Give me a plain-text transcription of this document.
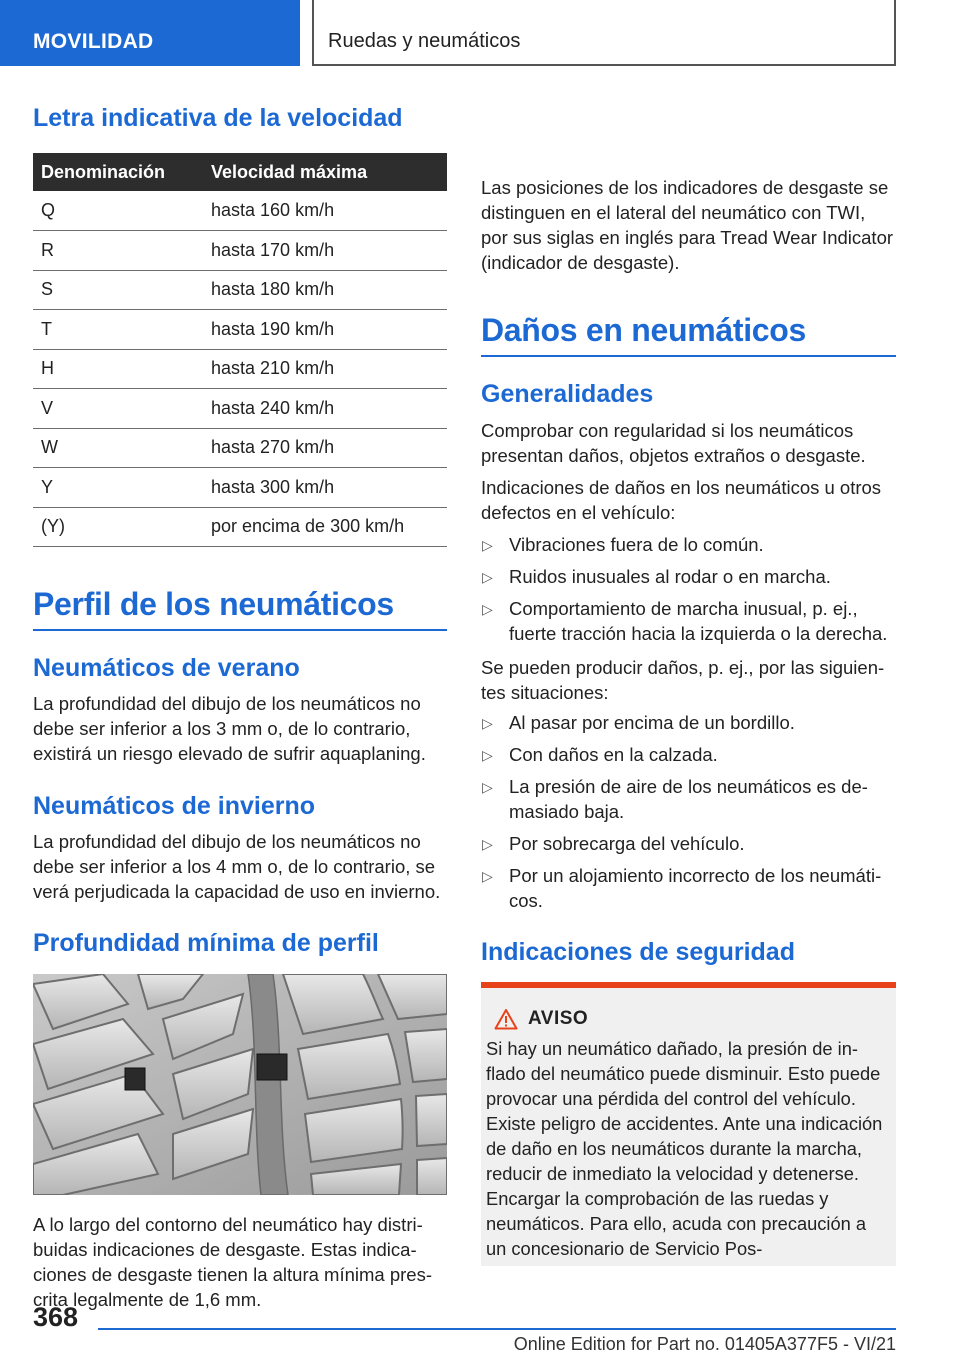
MOVILIDAD	Ruedas y neumáticos
Letra indicativa de la velocidad
Denominación	Velocidad máxima
Q	hasta 160 km/h
R	hasta 170 km/h
S	hasta 180 km/h
T	hasta 190 km/h
H	hasta 210 km/h
V	hasta 240 km/h
W	hasta 270 km/h
Y	hasta 300 km/h
(Y)	por encima de 300 km/h
Perfil de los neumáticos
Neumáticos de verano

La profundidad del dibujo de los neumáticos no debe ser inferior a los 3 mm o, de lo contrario, existirá un riesgo elevado de sufrir aquaplaning.

Neumáticos de invierno

La profundidad del dibujo de los neumáticos no debe ser inferior a los 4 mm o, de lo contrario, se verá perjudicada la capacidad de uso en invierno.

Profundidad mínima de perfil

A lo largo del contorno del neumático hay distribuidas indicaciones de desgaste. Estas indicaciones de desgaste tienen la altura mínima prescrita legalmente de 1,6 mm.

Las posiciones de los indicadores de desgaste se distinguen en el lateral del neumático con TWI, por sus siglas en inglés para Tread Wear Indicator (indicador de desgaste).

Daños en neumáticos
Generalidades

Comprobar con regularidad si los neumáticos presentan daños, objetos extraños o desgaste.

Indicaciones de daños en los neumáticos u otros defectos en el vehículo:

▷ Vibraciones fuera de lo común.
▷ Ruidos inusuales al rodar o en marcha.
▷ Comportamiento de marcha inusual, p. ej., fuerte tracción hacia la izquierda o la derecha.

Se pueden producir daños, p. ej., por las siguientes situaciones:

▷ Al pasar por encima de un bordillo.
▷ Con daños en la calzada.
▷ La presión de aire de los neumáticos es demasiado baja.
▷ Por sobrecarga del vehículo.
▷ Por un alojamiento incorrecto de los neumáticos.
Indicaciones de seguridad
AVISO

Si hay un neumático dañado, la presión de inflado del neumático puede disminuir. Esto puede provocar una pérdida del control del vehículo. Existe peligro de accidentes. Ante una indicación de daño en los neumáticos durante la marcha, reducir de inmediato la velocidad y detenerse. Encargar la comprobación de las ruedas y neumáticos. Para ello, acuda con precaución a un concesionario de Servicio Pos-

368
Online Edition for Part no. 01405A377F5 - VI/21
